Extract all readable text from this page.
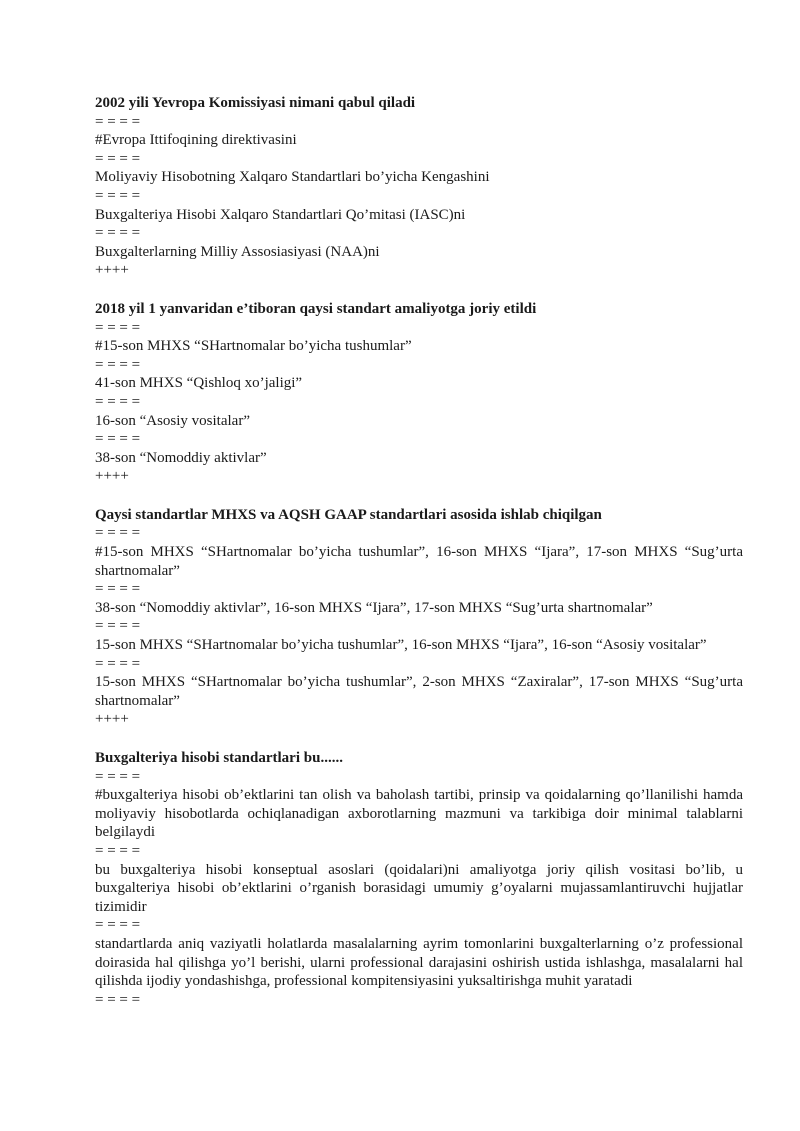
2002 yili Yevropa Komissiyasi nimani qabul qiladi

= = = =

#Evropa Ittifoqining direktivasini

= = = =

Moliyaviy Hisobotning Xalqaro Standartlari bo’yicha Kengashini

= = = =

Buxgalteriya Hisobi Xalqaro Standartlari Qo’mitasi (IASC)ni

= = = =

Buxgalterlarning Milliy Assosiasiyasi (NAA)ni

++++

2018 yil 1 yanvaridan e’tiboran qaysi standart amaliyotga joriy etildi

= = = =

#15-son MHXS “SHartnomalar bo’yicha tushumlar”

= = = =

41-son MHXS “Qishloq xo’jaligi”

= = = =

16-son “Asosiy vositalar”

= = = =

38-son “Nomoddiy aktivlar”

++++

Qaysi standartlar MHXS va AQSH GAAP standartlari asosida ishlab chiqilgan

= = = =

#15-son MHXS “SHartnomalar bo’yicha tushumlar”, 16-son MHXS “Ijara”, 17-son MHXS “Sug’urta shartnomalar”

= = = =

38-son “Nomoddiy aktivlar”, 16-son MHXS “Ijara”, 17-son MHXS “Sug’urta shartnomalar”

= = = =

15-son MHXS “SHartnomalar bo’yicha tushumlar”, 16-son MHXS “Ijara”, 16-son “Asosiy vositalar”

= = = =

15-son MHXS “SHartnomalar bo’yicha tushumlar”, 2-son MHXS “Zaxiralar”, 17-son MHXS “Sug’urta shartnomalar”

++++

Buxgalteriya hisobi standartlari bu......

= = = =

#buxgalteriya hisobi ob’ektlarini tan olish va baholash tartibi, prinsip va qoidalarning qo’llanilishi hamda moliyaviy hisobotlarda ochiqlanadigan axborotlarning mazmuni va tarkibiga doir minimal talablarni belgilaydi

= = = =

bu buxgalteriya hisobi konseptual asoslari (qoidalari)ni amaliyotga joriy qilish vositasi bo’lib, u buxgalteriya hisobi ob’ektlarini o’rganish borasidagi umumiy g’oyalarni mujassamlantiruvchi hujjatlar tizimidir

= = = =

standartlarda aniq vaziyatli holatlarda masalalarning ayrim tomonlarini buxgalterlarning o’z professional doirasida hal qilishga yo’l berishi, ularni professional darajasini oshirish ustida ishlashga, masalalarni hal qilishda ijodiy yondashishga, professional kompitensiyasini yuksaltirishga muhit yaratadi

= = = =
